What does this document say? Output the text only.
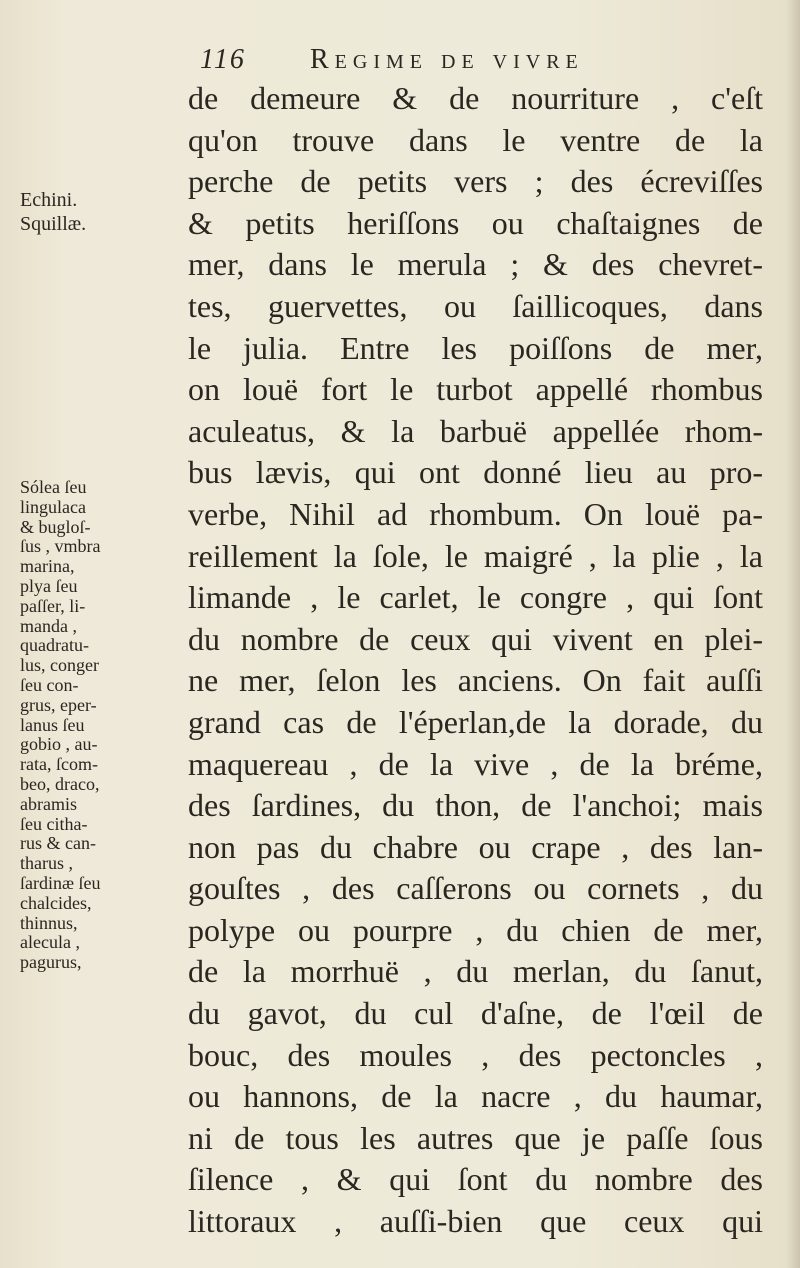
116 Regime de vivre
Echini.
Squillæ.
Sólea ſeu
lingulaca
& bugloſ-
ſus , vmbra
marina,
plya ſeu
paſſer, li-
manda ,
quadratu-
lus, conger
ſeu con-
grus, eper-
lanus ſeu
gobio , au-
rata, ſcom-
beo, draco,
abramis
ſeu citha-
rus & can-
tharus ,
ſardinæ ſeu
chalcides,
thinnus,
alecula ,
pagurus,
de demeure & de nourriture , c'eſt
qu'on trouve dans le ventre de la
perche de petits vers ; des écreviſſes
& petits heriſſons ou chaſtaignes de
mer, dans le merula ; & des chevret-
tes, guervettes, ou ſaillicoques, dans
le julia. Entre les poiſſons de mer,
on louë fort le turbot appellé rhombus
aculeatus, & la barbuë appellée rhom-
bus lævis, qui ont donné lieu au pro-
verbe, Nihil ad rhombum. On louë pa-
reillement la ſole, le maigré , la plie , la
limande , le carlet, le congre , qui ſont
du nombre de ceux qui vivent en plei-
ne mer, ſelon les anciens. On fait auſſi
grand cas de l'éperlan,de la dorade, du
maquereau , de la vive , de la bréme,
des ſardines, du thon, de l'anchoi; mais
non pas du chabre ou crape , des lan-
gouſtes , des caſſerons ou cornets , du
polype ou pourpre , du chien de mer,
de la morrhuë , du merlan, du ſanut,
du gavot, du cul d'aſne, de l'œil de
bouc, des moules , des pectoncles ,
ou hannons, de la nacre , du haumar,
ni de tous les autres que je paſſe ſous
ſilence , & qui ſont du nombre des
littoraux , auſſi-bien que ceux qui
